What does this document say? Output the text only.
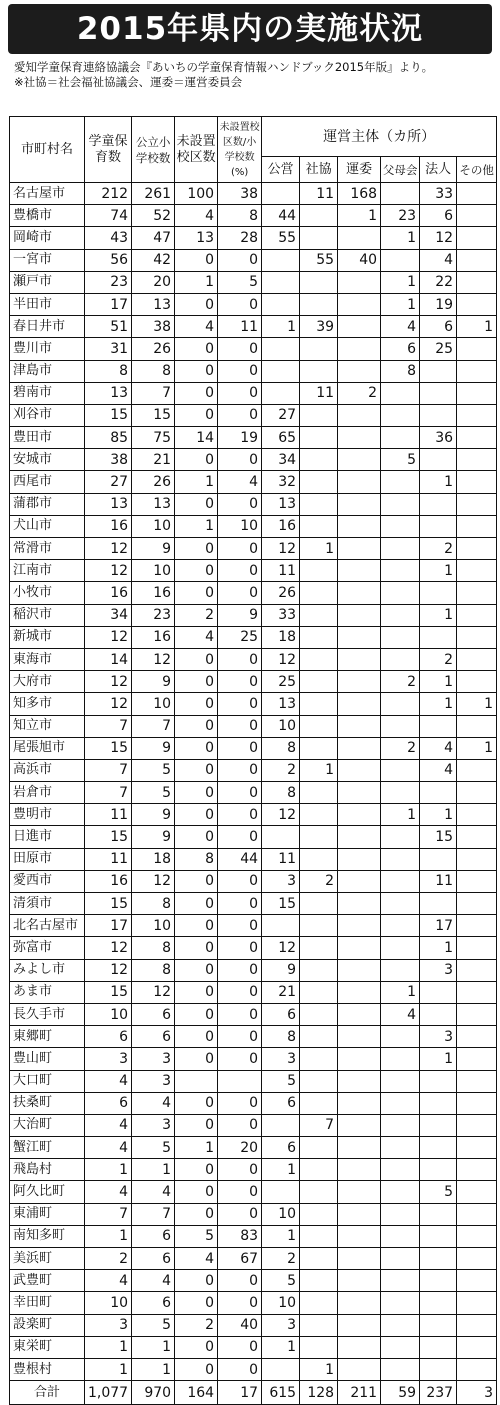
2015年県内の実施状況
愛知学童保育連絡協議会『あいちの学童保育情報ハンドブック2015年版』より。
※社協＝社会福祉協議会、運委＝運営委員会
市町村名	学童保育数	公立小学校数	未設置校区数	未設置校区数/小学校数(%)	運営主体（カ所）					
					公営	社協	運委	父母会	法人	その他
名古屋市	212	261	100	38		11	168		33	
豊橋市	74	52	4	8	44		1	23	6	
岡崎市	43	47	13	28	55			1	12	
一宮市	56	42	0	0		55	40		4	
瀬戸市	23	20	1	5				1	22	
半田市	17	13	0	0				1	19	
春日井市	51	38	4	11	1	39		4	6	1
豊川市	31	26	0	0				6	25	
津島市	8	8	0	0				8		
碧南市	13	7	0	0		11	2			
刈谷市	15	15	0	0	27					
豊田市	85	75	14	19	65				36	
安城市	38	21	0	0	34			5		
西尾市	27	26	1	4	32				1	
蒲郡市	13	13	0	0	13					
犬山市	16	10	1	10	16					
常滑市	12	9	0	0	12	1			2	
江南市	12	10	0	0	11				1	
小牧市	16	16	0	0	26					
稲沢市	34	23	2	9	33				1	
新城市	12	16	4	25	18					
東海市	14	12	0	0	12				2	
大府市	12	9	0	0	25			2	1	
知多市	12	10	0	0	13				1	1
知立市	7	7	0	0	10					
尾張旭市	15	9	0	0	8			2	4	1
高浜市	7	5	0	0	2	1			4	
岩倉市	7	5	0	0	8					
豊明市	11	9	0	0	12			1	1	
日進市	15	9	0	0					15	
田原市	11	18	8	44	11					
愛西市	16	12	0	0	3	2			11	
清須市	15	8	0	0	15					
北名古屋市	17	10	0	0					17	
弥富市	12	8	0	0	12				1	
みよし市	12	8	0	0	9				3	
あま市	15	12	0	0	21			1		
長久手市	10	6	0	0	6			4		
東郷町	6	6	0	0	8				3	
豊山町	3	3	0	0	3				1	
大口町	4	3			5					
扶桑町	6	4	0	0	6					
大治町	4	3	0	0		7				
蟹江町	4	5	1	20	6					
飛島村	1	1	0	0	1					
阿久比町	4	4	0	0					5	
東浦町	7	7	0	0	10					
南知多町	1	6	5	83	1					
美浜町	2	6	4	67	2					
武豊町	4	4	0	0	5					
幸田町	10	6	0	0	10					
設楽町	3	5	2	40	3					
東栄町	1	1	0	0	1					
豊根村	1	1	0	0		1				
合計	1,077	970	164	17	615	128	211	59	237	3
